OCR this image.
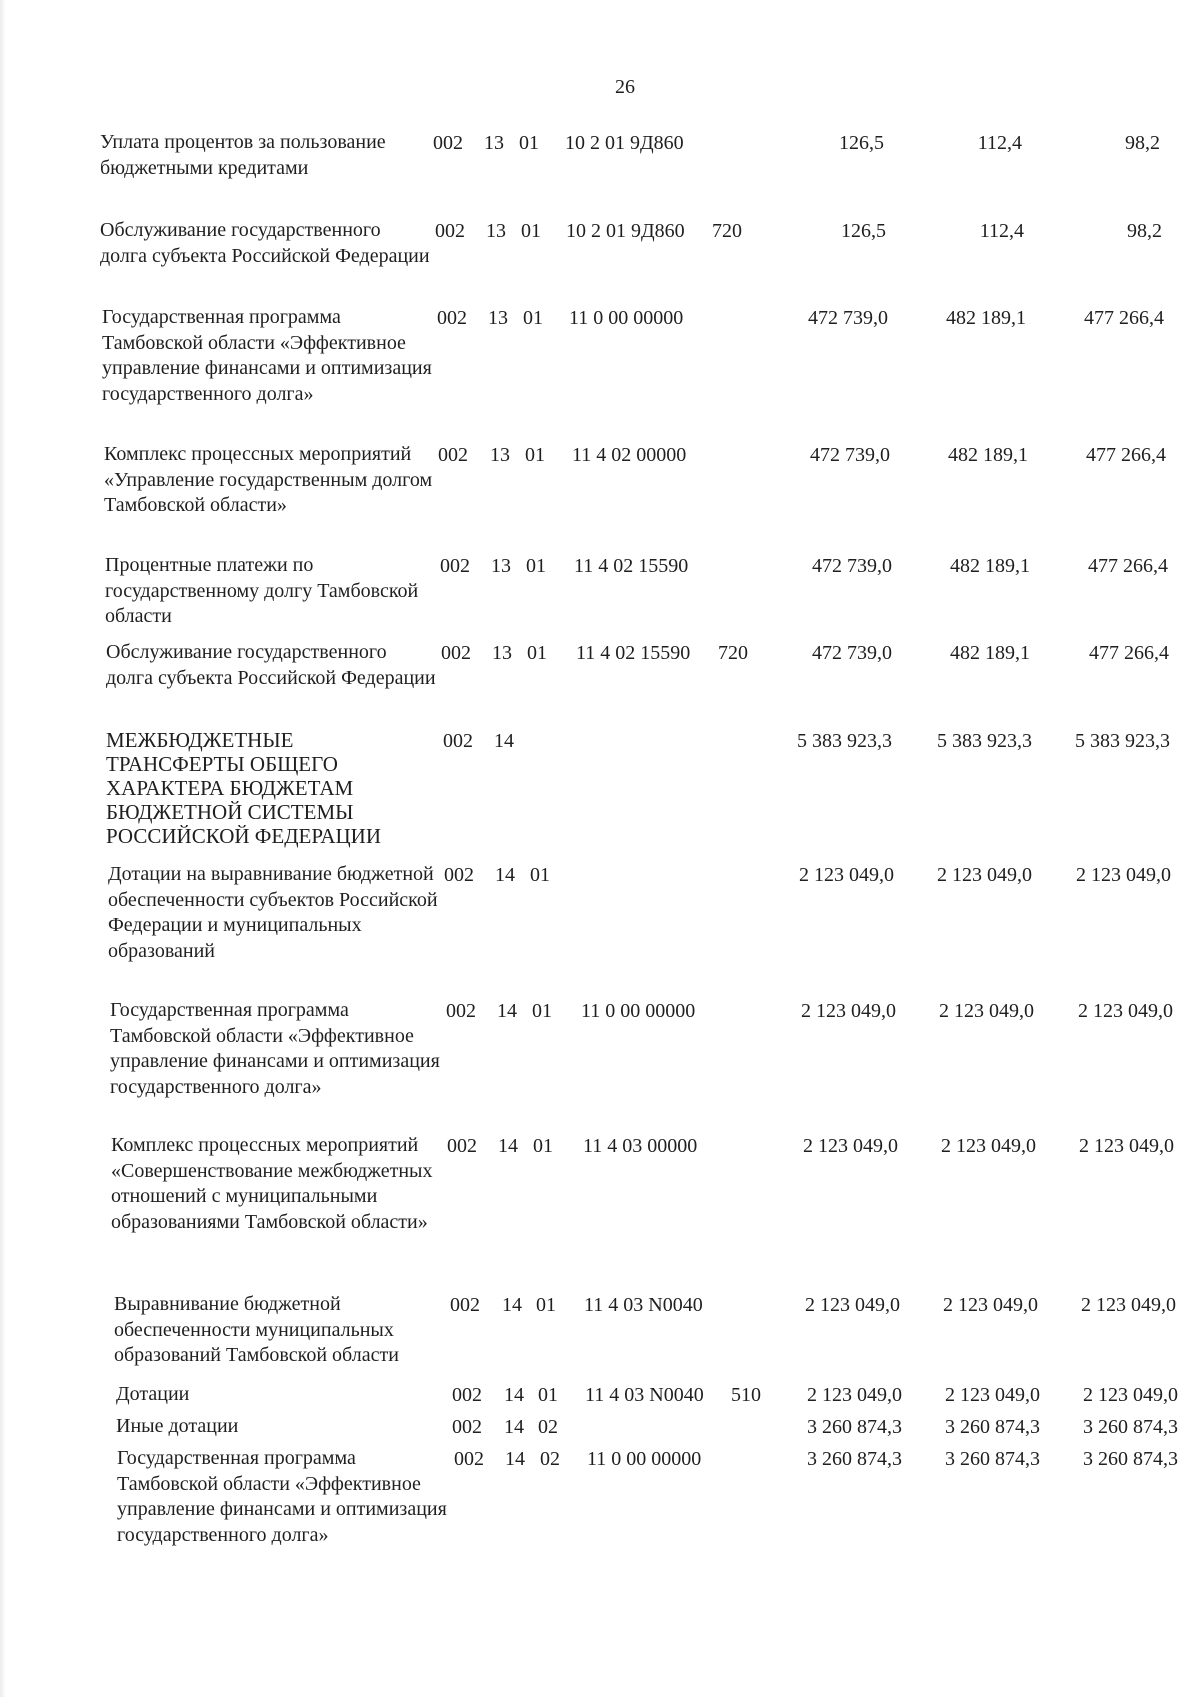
26
Уплата процентов за пользование бюджетными кредитами
002 13 01 10 2 01 9Д860	126,5	112,4	98,2
Обслуживание государственного долга субъекта Российской Федерации
002 13 01 10 2 01 9Д860 720	126,5	112,4	98,2
Государственная программа Тамбовской области «Эффективное управление финансами и оптимизация государственного долга»
002 13 01 11 0 00 00000	472 739,0	482 189,1	477 266,4
Комплекс процессных мероприятий «Управление государственным долгом Тамбовской области»
002 13 01 11 4 02 00000	472 739,0	482 189,1	477 266,4
Процентные платежи по государственному долгу Тамбовской области
002 13 01 11 4 02 15590	472 739,0	482 189,1	477 266,4
Обслуживание государственного долга субъекта Российской Федерации
002 13 01 11 4 02 15590 720	472 739,0	482 189,1	477 266,4
МЕЖБЮДЖЕТНЫЕ ТРАНСФЕРТЫ ОБЩЕГО ХАРАКТЕРА БЮДЖЕТАМ БЮДЖЕТНОЙ СИСТЕМЫ РОССИЙСКОЙ ФЕДЕРАЦИИ
002 14	5 383 923,3	5 383 923,3	5 383 923,3
Дотации на выравнивание бюджетной обеспеченности субъектов Российской Федерации и муниципальных образований
002 14 01	2 123 049,0	2 123 049,0	2 123 049,0
Государственная программа Тамбовской области «Эффективное управление финансами и оптимизация государственного долга»
002 14 01 11 0 00 00000	2 123 049,0	2 123 049,0	2 123 049,0
Комплекс процессных мероприятий «Совершенствование межбюджетных отношений с муниципальными образованиями Тамбовской области»
002 14 01 11 4 03 00000	2 123 049,0	2 123 049,0	2 123 049,0
Выравнивание бюджетной обеспеченности муниципальных образований Тамбовской области
002 14 01 11 4 03 N0040	2 123 049,0	2 123 049,0	2 123 049,0
Дотации	002 14 01 11 4 03 N0040 510	2 123 049,0	2 123 049,0	2 123 049,0
Иные дотации	002 14 02	3 260 874,3	3 260 874,3	3 260 874,3
Государственная программа Тамбовской области «Эффективное управление финансами и оптимизация государственного долга»
002 14 02 11 0 00 00000	3 260 874,3	3 260 874,3	3 260 874,3
